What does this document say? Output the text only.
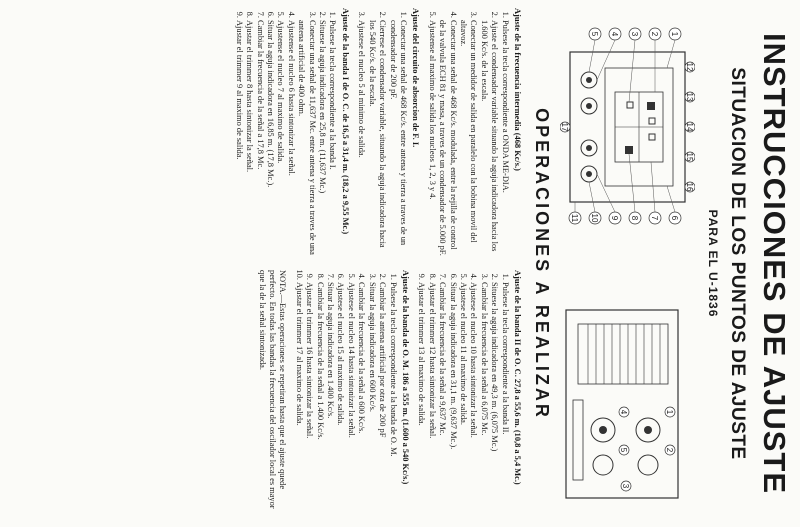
INSTRUCCIONES DE AJUSTE
SITUACION DE LOS PUNTOS DE AJUSTE
PARA EL U-1836
1
2
3
4
5
6
7
8
9
10
11
12
13
14
15
16
17
1
2
3
4
5
OPERACIONES A REALIZAR
Ajuste de la frecuencia intermedia (468 Kc/s.)
1. Pulsese la tecla correspondiente a ONDA ME-DIA.
2. Ajuste el condensador variable situando la aguja indicadora hacia los 1.600 Kc/s. de la escala.
3. Conectar un medidor de salida en paralelo con la bobina movil del altavoz.
4. Conectar una señal de 468 Kc/s. modulada, entre la rejilla de control de la valvula ECH 81 y masa, a traves de un condensador de 5.000 pF.
5. Ajustense al maximo de salida los nucleos 1, 2, 3 y 4.
Ajuste del circuito de absorcion de F. I.
1. Conectar una señal de 468 Kc/s. entre antena y tierra a traves de un condensador de 200 pF.
2. Cierrese el condensador variable, situando la aguja indicadora hacia los 540 Kc/s. de la escala.
3. Ajustese el nucleo 5 al minimo de salida.
Ajuste de la banda I de O. C. de 16,5 a 31,4 m. (18,2 a 9,55 Mc.)
1. Pulsese la tecla correspondiente a la banda I.
2. Situese la aguja indicadora en 25,8 m. (11,637 Mc.)
3. Conectar una señal de 11,637 Mc. entre antena y tierra a traves de una antena artificial de 400 ohm.
4. Ajustense el nucleo 6 hasta sintonizar la señal.
5. Ajustense el nucleo 7 al maximo de salida.
6. Situar la aguja indicadora en 16,85 m. (17,8 Mc.).
7. Cambiar la frecuencia de la señal a 17,8 Mc.
8. Ajustar el trimmer 8 hasta sintonizar la señal.
9. Ajustar el trimmer 9 al maximo de salida.
Ajuste de la banda II de O. C. 27,8 a 55,6 m. (10,8 a 5,4 Mc.)
1. Pulsese la tecla correspondiente a la banda II.
2. Situese la aguja indicadora en 49,3 m. (6,075 Mc.)
3. Cambiar la frecuencia de la señal a 6,075 Mc.
4. Ajustese el nucleo 10 hasta sintonizar la señal.
5. Ajustese el nucleo 11 al maximo de salida.
6. Situar la aguja indicadora en 31,1 m. (9,637 Mc.).
7. Cambiar la frecuencia de la señal a 9,637 Mc.
8. Ajustar el trimmer 12 hasta sintonizar la señal.
9. Ajustar el trimmer 13 al maximo de salida.
Ajuste de la banda de O. M. 186 a 555 m. (1.600 a 540 Kc/s.)
1. Pulsese la tecla correspondiente a la banda de O. M.
2. Cambiar la antena artificial por otra de 200 pF
3. Situar la aguja indicadora en 600 Kc/s.
4. Cambiar la frecuencia de la señal a 600 Kc/s.
5. Ajustese el nucleo 14 hasta sintonizar la señal.
6. Ajustese el nucleo 15 al maximo de salida.
7. Situar la aguja indicadora en 1.400 Kc/s.
8. Cambiar la frecuencia de la señal a 1.400 Kc/s.
9. Ajustar el trimmer 16 hasta sintonizar la señal.
10. Ajustar el trimmer 17 al maximo de salida.
NOTA.—Estas operaciones se repetiran hasta que el ajuste quede perfecto. En todas las bandas la frecuencia del oscilador local es mayor que la de la señal sintonizada.
